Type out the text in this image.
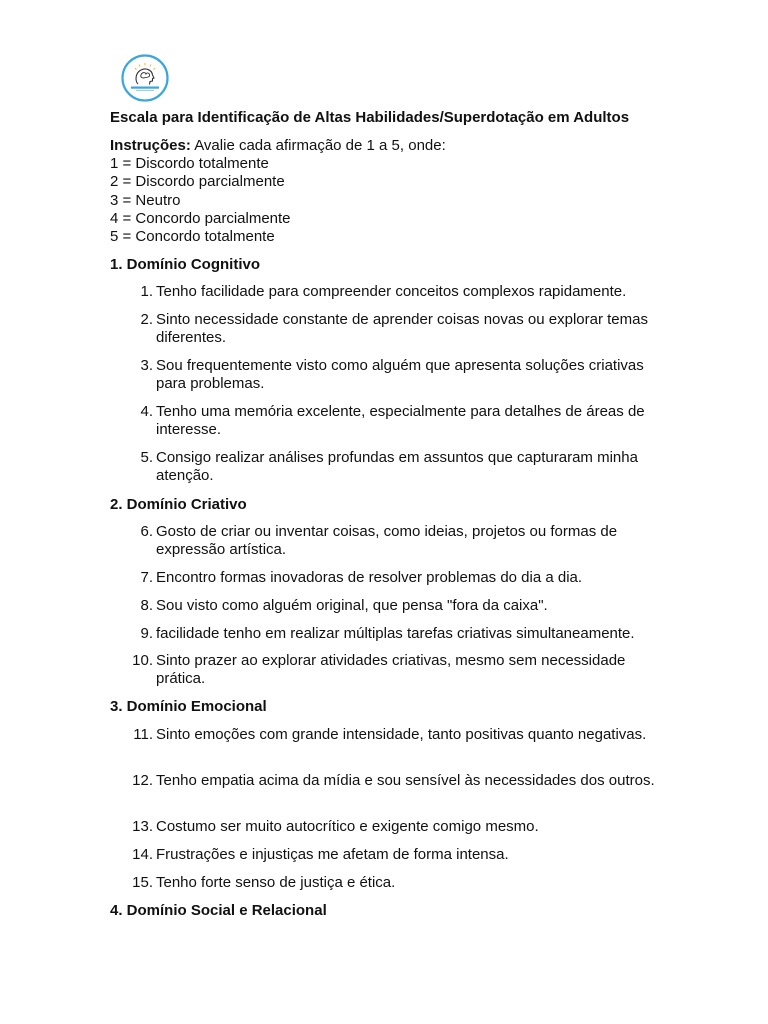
Escala para Identificação de Altas Habilidades/Superdotação em Adultos
Instruções: Avalie cada afirmação de 1 a 5, onde:
1 = Discordo totalmente
2 = Discordo parcialmente
3 = Neutro
4 = Concordo parcialmente
5 = Concordo totalmente
1. Domínio Cognitivo
1. Tenho facilidade para compreender conceitos complexos rapidamente.
2. Sinto necessidade constante de aprender coisas novas ou explorar temas diferentes.
3. Sou frequentemente visto como alguém que apresenta soluções criativas para problemas.
4. Tenho uma memória excelente, especialmente para detalhes de áreas de interesse.
5. Consigo realizar análises profundas em assuntos que capturaram minha atenção.
2. Domínio Criativo
6. Gosto de criar ou inventar coisas, como ideias, projetos ou formas de expressão artística.
7. Encontro formas inovadoras de resolver problemas do dia a dia.
8. Sou visto como alguém original, que pensa "fora da caixa".
9. facilidade tenho em realizar múltiplas tarefas criativas simultaneamente.
10. Sinto prazer ao explorar atividades criativas, mesmo sem necessidade prática.
3. Domínio Emocional
11. Sinto emoções com grande intensidade, tanto positivas quanto negativas.
12. Tenho empatia acima da mídia e sou sensível às necessidades dos outros.
13. Costumo ser muito autocrítico e exigente comigo mesmo.
14. Frustrações e injustiças me afetam de forma intensa.
15. Tenho forte senso de justiça e ética.
4. Domínio Social e Relacional
